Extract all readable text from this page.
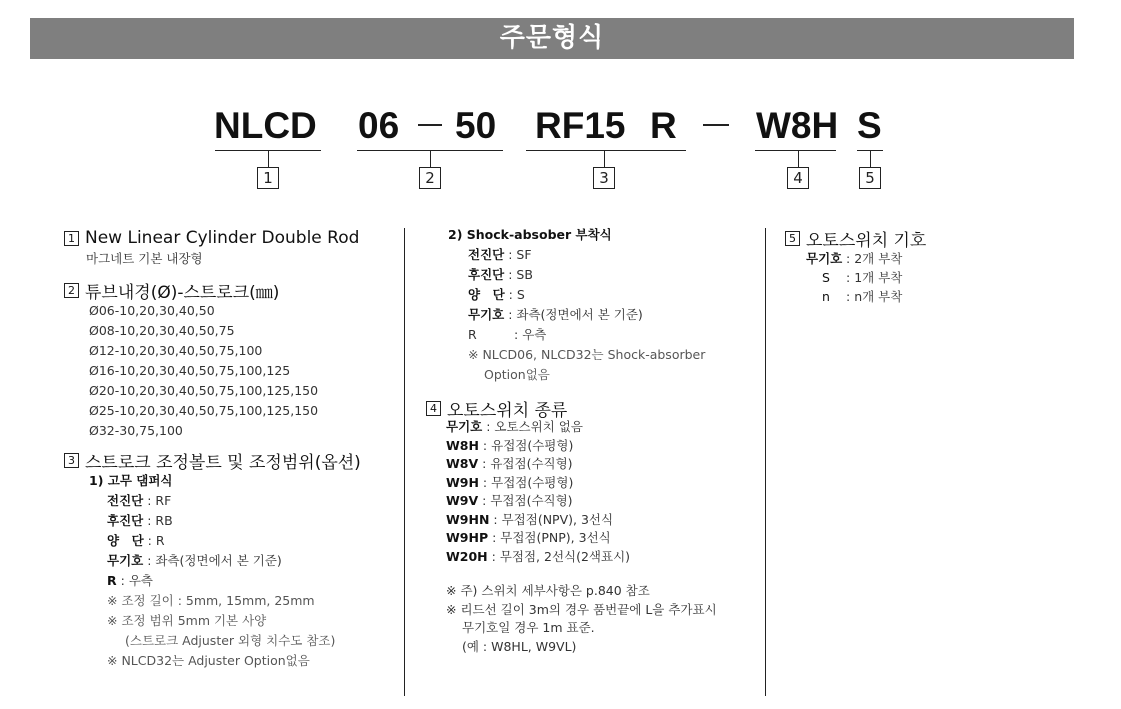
주문형식
NLCD 06 50 RF15 R W8H S
1	2	3	4	5
1 New Linear Cylinder Double Rod
마그네트 기본 내장형
2 튜브내경(Ø)-스트로크(㎜)
Ø06-10,20,30,40,50
Ø08-10,20,30,40,50,75
Ø12-10,20,30,40,50,75,100
Ø16-10,20,30,40,50,75,100,125
Ø20-10,20,30,40,50,75,100,125,150
Ø25-10,20,30,40,50,75,100,125,150
Ø32-30,75,100
3 스트로크 조정볼트 및 조정범위(옵션)
1) 고무 댐퍼식
전진단 : RF
후진단 : RB
양　단 : R
무기호 : 좌측(정면에서 본 기준)
R : 우측
※ 조정 길이 : 5mm, 15mm, 25mm
※ 조정 범위 5mm 기본 사양
(스트로크 Adjuster 외형 치수도 참조)
※ NLCD32는 Adjuster Option없음
2) Shock-absober 부착식
전진단 : SF
후진단 : SB
양　단 : S
무기호 : 좌측(정면에서 본 기준)
R	: 우측
※ NLCD06, NLCD32는 Shock-absorber
Option없음
4 오토스위치 종류
무기호 : 오토스위치 없음
W8H : 유접점(수평형)
W8V : 유접점(수직형)
W9H : 무접점(수평형)
W9V : 무접점(수직형)
W9HN : 무접점(NPV), 3선식
W9HP : 무접점(PNP), 3선식
W20H : 무점점, 2선식(2색표시)
※ 주) 스위치 세부사항은 p.840 참조
※ 리드선 길이 3m의 경우 품번끝에 L을 추가표시
무기호일 경우 1m 표준.
(예 : W8HL, W9VL)
5 오토스위치 기호
무기호 : 2개 부착
S	: 1개 부착
n	: n개 부착
